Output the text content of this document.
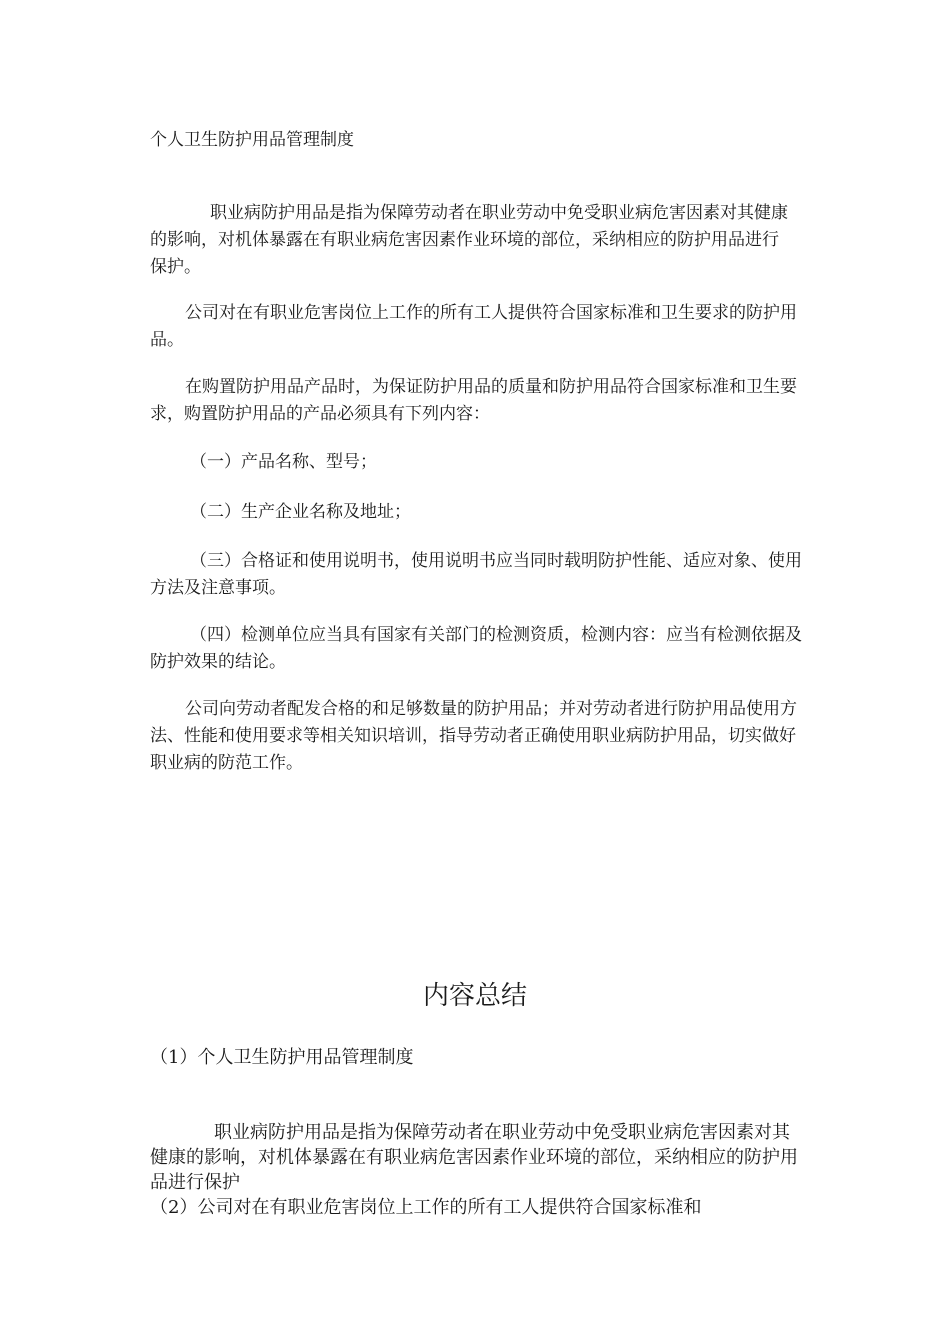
个人卫生防护用品管理制度
职业病防护用品是指为保障劳动者在职业劳动中免受职业病危害因素对其健康的影响，对机体暴露在有职业病危害因素作业环境的部位，采纳相应的防护用品进行保护。
公司对在有职业危害岗位上工作的所有工人提供符合国家标准和卫生要求的防护用品。
在购置防护用品产品时，为保证防护用品的质量和防护用品符合国家标准和卫生要求，购置防护用品的产品必须具有下列内容：
（一）产品名称、型号；
（二）生产企业名称及地址；
（三）合格证和使用说明书，使用说明书应当同时载明防护性能、适应对象、使用方法及注意事项。
（四）检测单位应当具有国家有关部门的检测资质，检测内容：应当有检测依据及防护效果的结论。
公司向劳动者配发合格的和足够数量的防护用品；并对劳动者进行防护用品使用方法、性能和使用要求等相关知识培训，指导劳动者正确使用职业病防护用品，切实做好职业病的防范工作。
内容总结
（1）个人卫生防护用品管理制度
职业病防护用品是指为保障劳动者在职业劳动中免受职业病危害因素对其健康的影响，对机体暴露在有职业病危害因素作业环境的部位，采纳相应的防护用品进行保护
（2）公司对在有职业危害岗位上工作的所有工人提供符合国家标准和
